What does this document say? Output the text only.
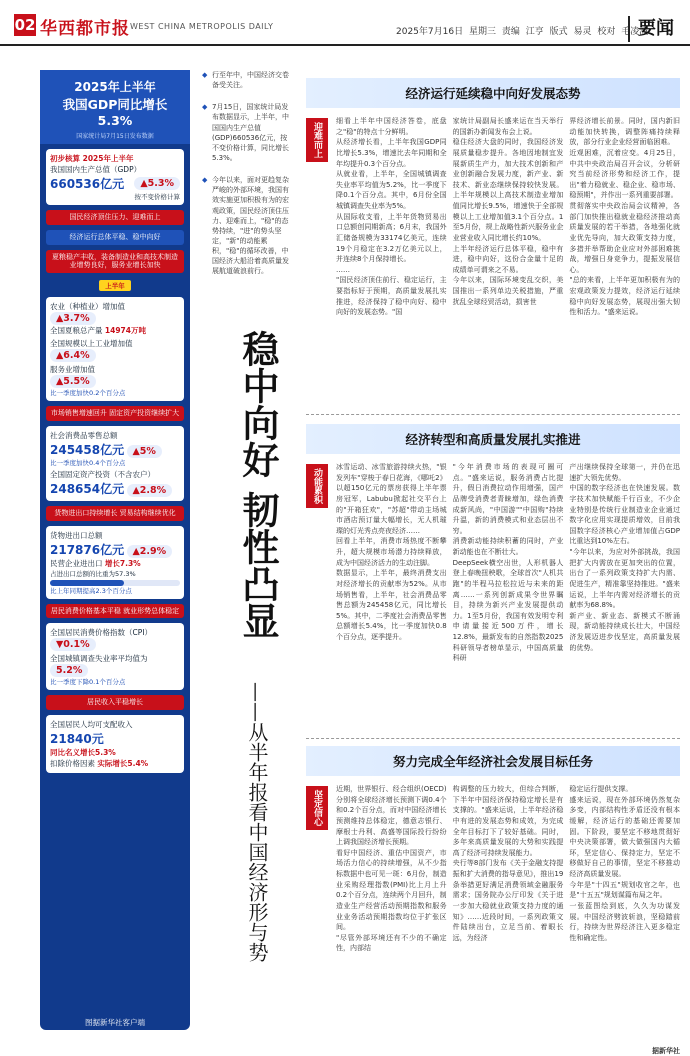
02 华西都市报 WEST CHINA METROPOLIS DAILY
2025年7月16日 星期三 责编 江亨 版式 易灵 校对 毛凌波
要闻
2025年上半年
我国GDP同比增长5.3%
国家统计局7月15日发布数据
初步核算 2025年上半年
我国国内生产总值（GDP）
660536亿元	▲5.3%
按不变价格计算
国民经济顶住压力、迎难而上
经济运行总体平稳、稳中向好
夏粮稳产丰收，装备制造业和高技术制造业增势良好，服务业增长加快
上半年
农业（种植业）增加值
▲3.7%
全国夏粮总产量 14974万吨
全国规模以上工业增加值
▲6.4%
服务业增加值
▲5.5%
比一季度加快0.2个百分点
市场销售增速回升 固定资产投资继续扩大
社会消费品零售总额
245458亿元 ▲5%
比一季度加快0.4个百分点
全国固定资产投资（不含农户）
248654亿元 ▲2.8%
货物进出口持续增长 贸易结构继续优化
货物进出口总额
217876亿元 ▲2.9%
民营企业进出口 增长7.3%
占进出口总额的比重为57.3%
比上年同期提高2.3个百分点
居民消费价格基本平稳 就业形势总体稳定
全国居民消费价格指数（CPI）
▼0.1%
全国城镇调查失业率平均值为
5.2%
比一季度下降0.1个百分点
居民收入平稳增长
全国居民人均可支配收入
21840元
同比名义增长5.3%
扣除价格因素 实际增长5.4%
图据新华社客户端

◆ 行至年中，中国经济交卷备受关注。

◆ 7月15日，国家统计局发布数据显示，上半年，中国国内生产总值(GDP)660536亿元，按不变价格计算，同比增长5.3%。

◆ 今年以来，面对更趋复杂严峻的外部环境，我国有效实施更加积极有为的宏观政策，国民经济顶住压力、迎难而上，"稳"的态势持续，"进"的势头坚定，"新"的动能累积，"稳"的循环改善，中国经济大船沿着高质量发展航道破浪前行。

稳中向好 韧性凸显
——从半年报看中国经济形与势
经济运行延续稳中向好发展态势
细看上半年中国经济答卷，底盘之"稳"的特点十分鲜明。
从经济增长看，上半年我国GDP同比增长5.3%，增速比去年同期和全年均提升0.3个百分点。
从就业看，上半年，全国城镇调查失业率平均值为5.2%，比一季度下降0.1个百分点。其中，6月份全国城镇调查失业率为5%。
从国际收支看，上半年货物贸易出口总额创同期新高；6月末，我国外汇储备规模为33174亿美元，连续19个月稳定在3.2万亿美元以上，并连续8个月保持增长。
……
"国民经济顶住前行、稳定运行，主要指标好于预期，高质量发展扎实推进，经济保持了稳中向好、稳中向好的发展态势。"国
家统计局副局长盛来运在当天举行的国新办新闻发布会上说。
稳住经济大盘的同时，我国经济发展质量稳步提升。各地因地制宜发展新质生产力，加大技术创新和产业创新融合发展力度，新产业、新技术、新业态继续保持较快发展。上半年规模以上高技术制造业增加值同比增长9.5%，增速快于全部规模以上工业增加值3.1个百分点。1至5月份，规上战略性新兴服务业企业营业收入同比增长约10%。
上半年经济运行总体平稳，稳中有进，稳中向好，这份合金量十足的成绩单可谓来之不易。
今年以来，国际环境变乱交织，美国推出一系列单边关税措施，严重扰乱全球经贸活动，损害世
界经济增长前景。同时，国内新旧动能加快转换，调整阵痛持续释放，部分行业企业经营面临困难。
近观困难，沉着应变。4月25日，中共中央政治局召开会议，分析研究当前经济形势和经济工作，提出"着力稳就业、稳企业、稳市场、稳预期"，并作出一系列重要部署。
贯彻落实中央政治局会议精神，各部门加快推出稳就业稳经济推动高质量发展的若干举措，各地强化就业优先导向，加大政策支持力度，多措并举帮助企业应对外部困难挑战，增强日身竞争力，提振发展信心。
"总的来看，上半年更加积极有为的宏观政策发力提效，经济运行延续稳中向好发展态势，展现出强大韧性和活力。"盛来运说。
迎难而上
经济转型和高质量发展扎实推进
冰雪运动、冰雪旅游持续火热，"银发列车"穿梭于春日花海，《哪吒2》以超150亿元的票房获得上半年票房冠军，Labubu掀起社交平台上的"开箱狂欢"，"苏超"带动主场城市酒店预订量大幅增长，无人机璀璨的灯光秀点亮夜经济……
回看上半年，消费市场热度不断攀升，超大规模市场潜力持续释放，成为中国经济活力的生动注脚。
数据显示，上半年，最终消费支出对经济增长的贡献率为52%。从市场销售看，上半年，社会消费品零售总额为245458亿元，同比增长5%。其中，二季度社会消费品零售总额增长5.4%，比一季度加快0.8个百分点，逐季提升。
"今年消费市场的表现可圈可点。"盛来运说，服务消费占比提升，假日消费拉动作用增强，国产品牌受消费者青睐增加，绿色消费成新风尚，"中国游""中国购"持续升温，新的消费模式和业态层出不穷。
消费新动能持续积蓄的同时，产业新动能也在不断壮大。
DeepSeek横空出世，人形机器人登上春晚扭秧歌，全球首次"人机共跑"的半程马拉松拉近与未来的距离……一系列创新成果令世界瞩目，持续为新兴产业发展提供动力。1至5月份，我国有效发明专利申请量接近500万件，增长12.8%，最新发布的自然指数2025科研领导者榜单显示，中国高质量科研
产出继续保持全球第一，并仍在迅速扩大领先优势。
中国的数字经济也在快速发展。数字技术加快赋能千行百业，不少企业特别是传统行业制造业企业通过数字化应用实现提质增效，目前我国数字经济核心产业增加值占GDP比重达到10%左右。
"今年以来，为应对外部挑战，我国把扩大内需放在更加突出的位置，出台了一系列政策支持扩大内需、促进生产，精准靠坚持推进。"盛来运说，上半年内需对经济增长的贡献率为68.8%。
新产业、新业态、新模式不断涌现，新动能持续成长壮大，中国经济发展迈进步伐坚定，高质量发展的优势。
动能累积
努力完成全年经济社会发展目标任务
近期，世界银行、经合组织(OECD)分别将全球经济增长预测下调0.4个和0.2个百分点，而对中国经济增长预测维持总体稳定，德意志银行、摩根士丹利、高盛等国际投行纷纷上调我国经济增长预期。
看好中国经济、重估中国资产，市场活力信心的持续增强，从不少指标数据中也可见一斑：6月份，制造业采购经理指数(PMI)比上月上升0.2个百分点，连续两个月回升，制造业生产经营活动预期指数和服务业业务活动预期指数均位于扩张区间。
"尽管外部环境还有不少的不确定性，内部结
构调整的压力较大，但综合判断，下半年中国经济保持稳定增长是有支撑的。"盛来运说，上半年经济稳中有进的发展态势和成效，为完成全年目标打下了较好基础。同时，多年来高质量发展的大势和实践提高了经济可持续发展能力。
央行等8部门发布《关于金融支持提振和扩大消费的指导意见》，推出19条举措更好满足消费领域金融服务需求；国务院办公厅印发《关于进一步加大稳就业政策支持力度的通知》……近段时间，一系列政策文件陆续出台，立足当前、着眼长远，为经济
稳定运行提供支撑。
盛来运说，现在外部环境仍然复杂多变，内部结构性矛盾还没有根本缓解，经济运行的基础还需要加固。下阶段，要坚定不移地贯彻好中央决策部署，做大做强国内大循环，坚定信心、保持定力，坚定不移做好自己的事情，坚定不移推动经济高质量发展。
今年是"十四五"规划收官之年，也是"十五五"规划谋篇布局之年。
一张蓝图绘到底，久久为功谋发展。中国经济劈波斩浪，坚稳踏前行，持续为世界经济注入更多稳定性和确定性。
据新华社
坚定信心
